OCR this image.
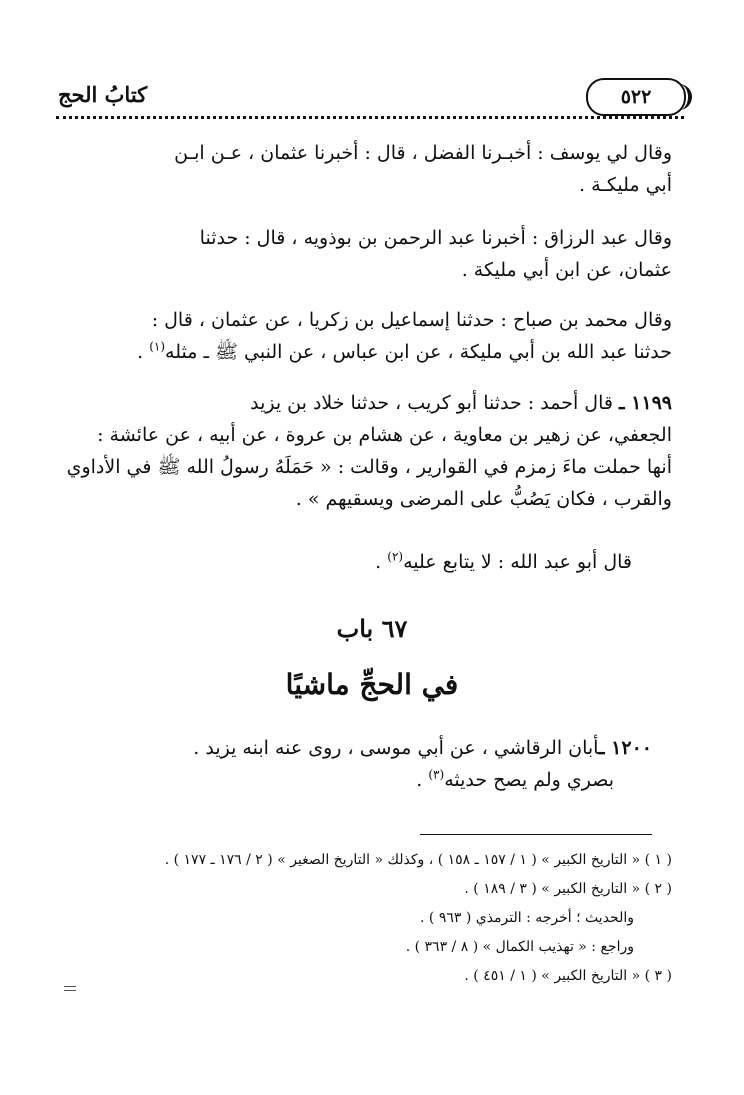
٥٢٢
كتابُ الحج
وقال لي يوسف : أخبـرنا الفضل ، قال : أخبرنا عثمان ، عـن ابـن
أبي مليكـة .
وقال عبد الرزاق : أخبرنا عبد الرحمن بن بوذويه ، قال : حدثنا
عثمان، عن ابن أبي مليكة .
وقال محمد بن صباح : حدثنا إسماعيل بن زكريا ، عن عثمان ، قال :
حدثنا عبد الله بن أبي مليكة ، عن ابن عباس ، عن النبي ﷺ ـ مثله$^{(١)}$ .
١١٩٩ ـ قال أحمد : حدثنا أبو كريب ، حدثنا خلاد بن يزيد
الجعفي، عن زهير بن معاوية ، عن هشام بن عروة ، عن أبيه ، عن عائشة :
أنها حملت ماءَ زمزم في القوارير ، وقالت : « حَمَلَهُ رسولُ الله ﷺ في الأداوي
والقرب ، فكان يَصُبُّ على المرضى ويسقيهم » .
قال أبو عبد الله : لا يتابع عليه$^{(٢)}$ .
٦٧ باب
في الحجِّ ماشيًا
١٢٠٠ ـأبان الرقاشي ، عن أبي موسى ، روى عنه ابنه يزيد .
بصري ولم يصح حديثه$^{(٣)}$ .
( ١ ) « التاريخ الكبير » ( ١ / ١٥٧ ـ ١٥٨ ) ، وكذلك « التاريخ الصغير » ( ٢ / ١٧٦ ـ ١٧٧ ) .
( ٢ ) « التاريخ الكبير » ( ٣ / ١٨٩ ) .
والحديث ؛ أخرجه : الترمذي ( ٩٦٣ ) .
وراجع : « تهذيب الكمال » ( ٨ / ٣٦٣ ) .
( ٣ ) « التاريخ الكبير » ( ١ / ٤٥١ ) .
